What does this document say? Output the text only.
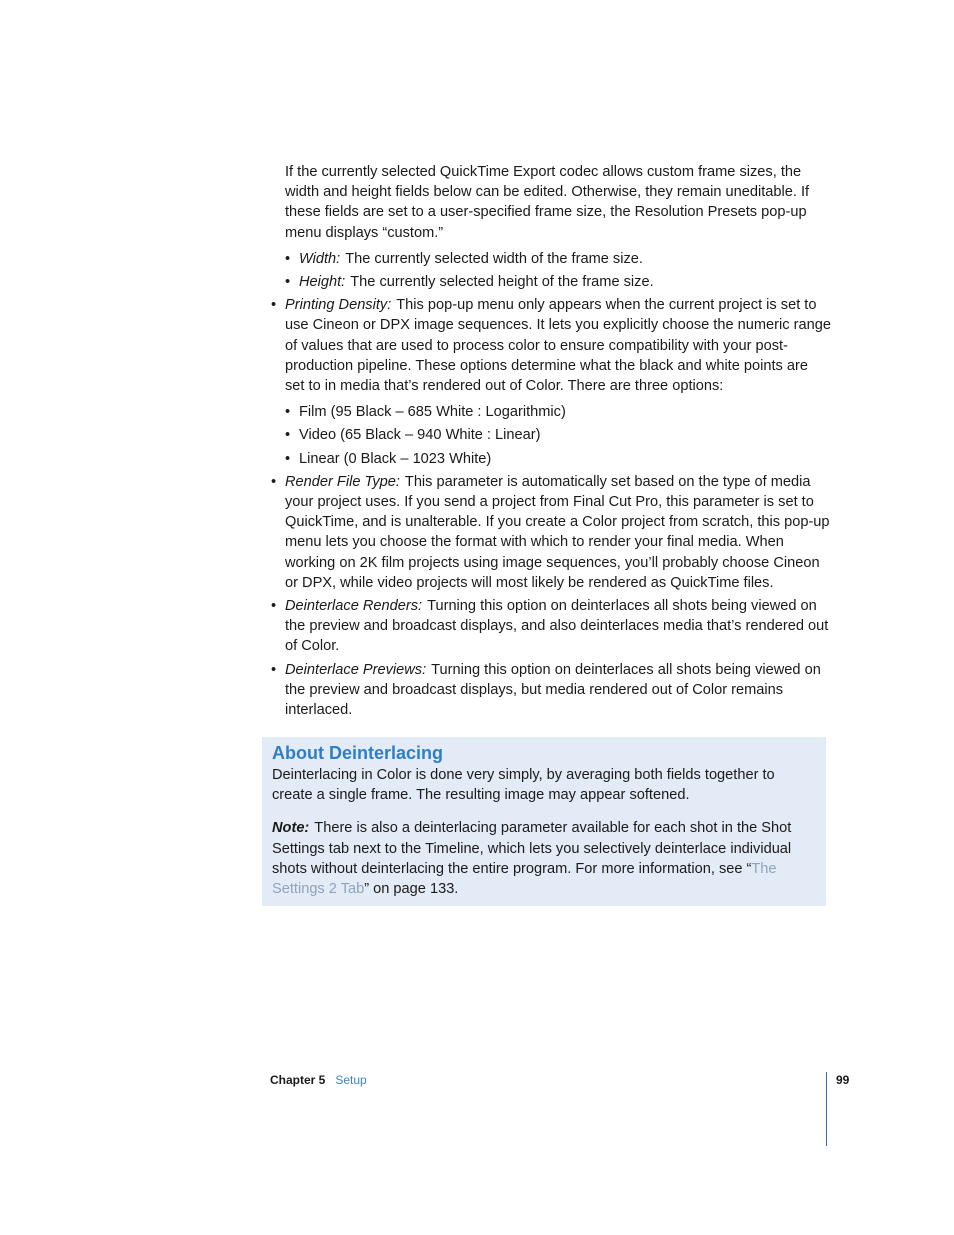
If the currently selected QuickTime Export codec allows custom frame sizes, the width and height fields below can be edited. Otherwise, they remain uneditable. If these fields are set to a user-specified frame size, the Resolution Presets pop-up menu displays “custom.”

• Width: The currently selected width of the frame size.
• Height: The currently selected height of the frame size.
• Printing Density: This pop-up menu only appears when the current project is set to use Cineon or DPX image sequences. It lets you explicitly choose the numeric range of values that are used to process color to ensure compatibility with your post-production pipeline. These options determine what the black and white points are set to in media that’s rendered out of Color. There are three options:
• Film (95 Black – 685 White : Logarithmic)
• Video (65 Black – 940 White : Linear)
• Linear (0 Black – 1023 White)
• Render File Type: This parameter is automatically set based on the type of media your project uses. If you send a project from Final Cut Pro, this parameter is set to QuickTime, and is unalterable. If you create a Color project from scratch, this pop-up menu lets you choose the format with which to render your final media. When working on 2K film projects using image sequences, you’ll probably choose Cineon or DPX, while video projects will most likely be rendered as QuickTime files.
• Deinterlace Renders: Turning this option on deinterlaces all shots being viewed on the preview and broadcast displays, and also deinterlaces media that’s rendered out of Color.
• Deinterlace Previews: Turning this option on deinterlaces all shots being viewed on the preview and broadcast displays, but media rendered out of Color remains interlaced.
About Deinterlacing

Deinterlacing in Color is done very simply, by averaging both fields together to create a single frame. The resulting image may appear softened.

Note: There is also a deinterlacing parameter available for each shot in the Shot Settings tab next to the Timeline, which lets you selectively deinterlace individual shots without deinterlacing the entire program. For more information, see “The Settings 2 Tab” on page 133.

Chapter 5 Setup	99
